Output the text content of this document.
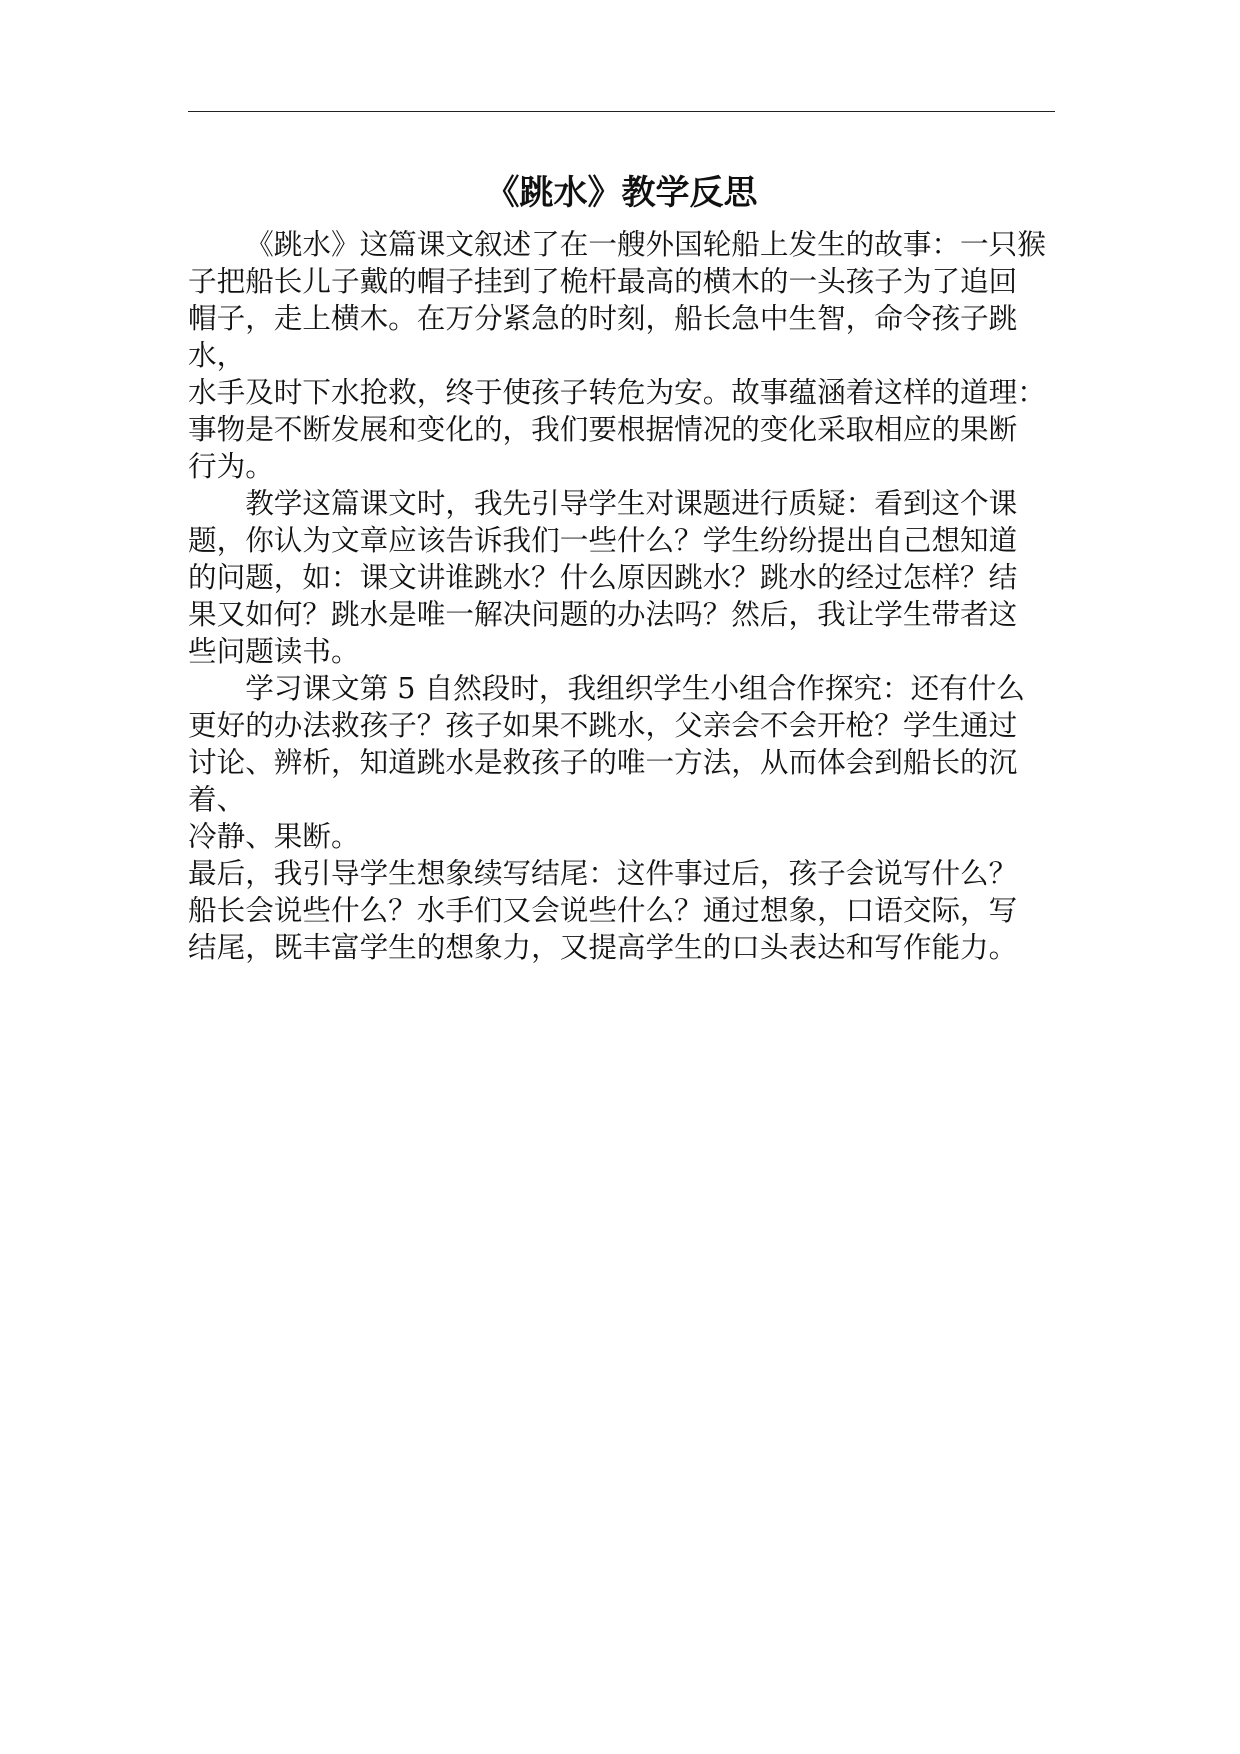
《跳水》教学反思

《跳水》这篇课文叙述了在一艘外国轮船上发生的故事：一只猴
子把船长儿子戴的帽子挂到了桅杆最高的横木的一头孩子为了追回
帽子，走上横木。在万分紧急的时刻，船长急中生智，命令孩子跳水，
水手及时下水抢救，终于使孩子转危为安。故事蕴涵着这样的道理：
事物是不断发展和变化的，我们要根据情况的变化采取相应的果断
行为。

教学这篇课文时，我先引导学生对课题进行质疑：看到这个课
题，你认为文章应该告诉我们一些什么？学生纷纷提出自己想知道
的问题，如：课文讲谁跳水？什么原因跳水？跳水的经过怎样？结
果又如何？跳水是唯一解决问题的办法吗？然后，我让学生带者这
些问题读书。

学习课文第 5 自然段时，我组织学生小组合作探究：还有什么
更好的办法救孩子？孩子如果不跳水，父亲会不会开枪？学生通过
讨论、辨析，知道跳水是救孩子的唯一方法，从而体会到船长的沉着、
冷静、果断。

最后，我引导学生想象续写结尾：这件事过后，孩子会说写什么？
船长会说些什么？水手们又会说些什么？通过想象，口语交际，写
结尾，既丰富学生的想象力，又提高学生的口头表达和写作能力。
